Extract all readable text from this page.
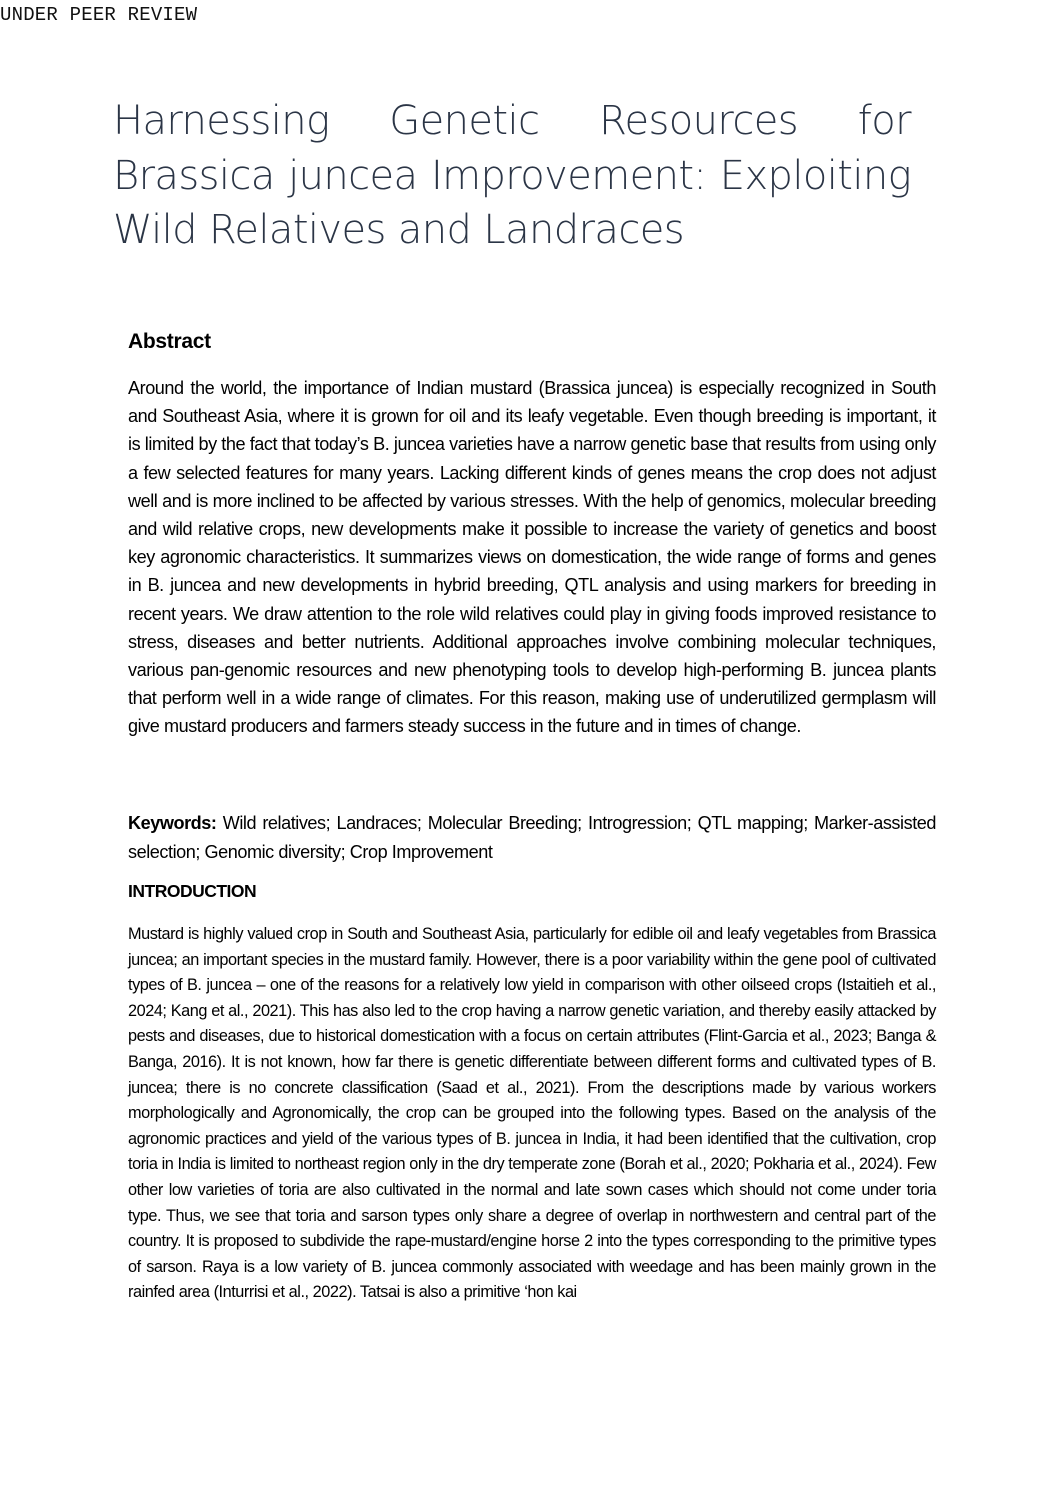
UNDER PEER REVIEW
Harnessing Genetic Resources for Brassica juncea Improvement: Exploiting Wild Relatives and Landraces
Abstract

Around the world, the importance of Indian mustard (Brassica juncea) is especially recognized in South and Southeast Asia, where it is grown for oil and its leafy vegetable. Even though breeding is important, it is limited by the fact that today’s B. juncea varieties have a narrow genetic base that results from using only a few selected features for many years. Lacking different kinds of genes means the crop does not adjust well and is more inclined to be affected by various stresses. With the help of genomics, molecular breeding and wild relative crops, new developments make it possible to increase the variety of genetics and boost key agronomic characteristics. It summarizes views on domestication, the wide range of forms and genes in B. juncea and new developments in hybrid breeding, QTL analysis and using markers for breeding in recent years. We draw attention to the role wild relatives could play in giving foods improved resistance to stress, diseases and better nutrients. Additional approaches involve combining molecular techniques, various pan-genomic resources and new phenotyping tools to develop high-performing B. juncea plants that perform well in a wide range of climates. For this reason, making use of underutilized germplasm will give mustard producers and farmers steady success in the future and in times of change.

Keywords: Wild relatives; Landraces; Molecular Breeding; Introgression; QTL mapping; Marker-assisted selection; Genomic diversity; Crop Improvement

INTRODUCTION

Mustard is highly valued crop in South and Southeast Asia, particularly for edible oil and leafy vegetables from Brassica juncea; an important species in the mustard family. However, there is a poor variability within the gene pool of cultivated types of B. juncea – one of the reasons for a relatively low yield in comparison with other oilseed crops (Istaitieh et al., 2024; Kang et al., 2021). This has also led to the crop having a narrow genetic variation, and thereby easily attacked by pests and diseases, due to historical domestication with a focus on certain attributes (Flint-Garcia et al., 2023; Banga & Banga, 2016). It is not known, how far there is genetic differentiate between different forms and cultivated types of B. juncea; there is no concrete classification (Saad et al., 2021). From the descriptions made by various workers morphologically and Agronomically, the crop can be grouped into the following types. Based on the analysis of the agronomic practices and yield of the various types of B. juncea in India, it had been identified that the cultivation, crop toria in India is limited to northeast region only in the dry temperate zone (Borah et al., 2020; Pokharia et al., 2024). Few other low varieties of toria are also cultivated in the normal and late sown cases which should not come under toria type. Thus, we see that toria and sarson types only share a degree of overlap in northwestern and central part of the country. It is proposed to subdivide the rape-mustard/engine horse 2 into the types corresponding to the primitive types of sarson. Raya is a low variety of B. juncea commonly associated with weedage and has been mainly grown in the rainfed area (Inturrisi et al., 2022). Tatsai is also a primitive ‘hon kai
